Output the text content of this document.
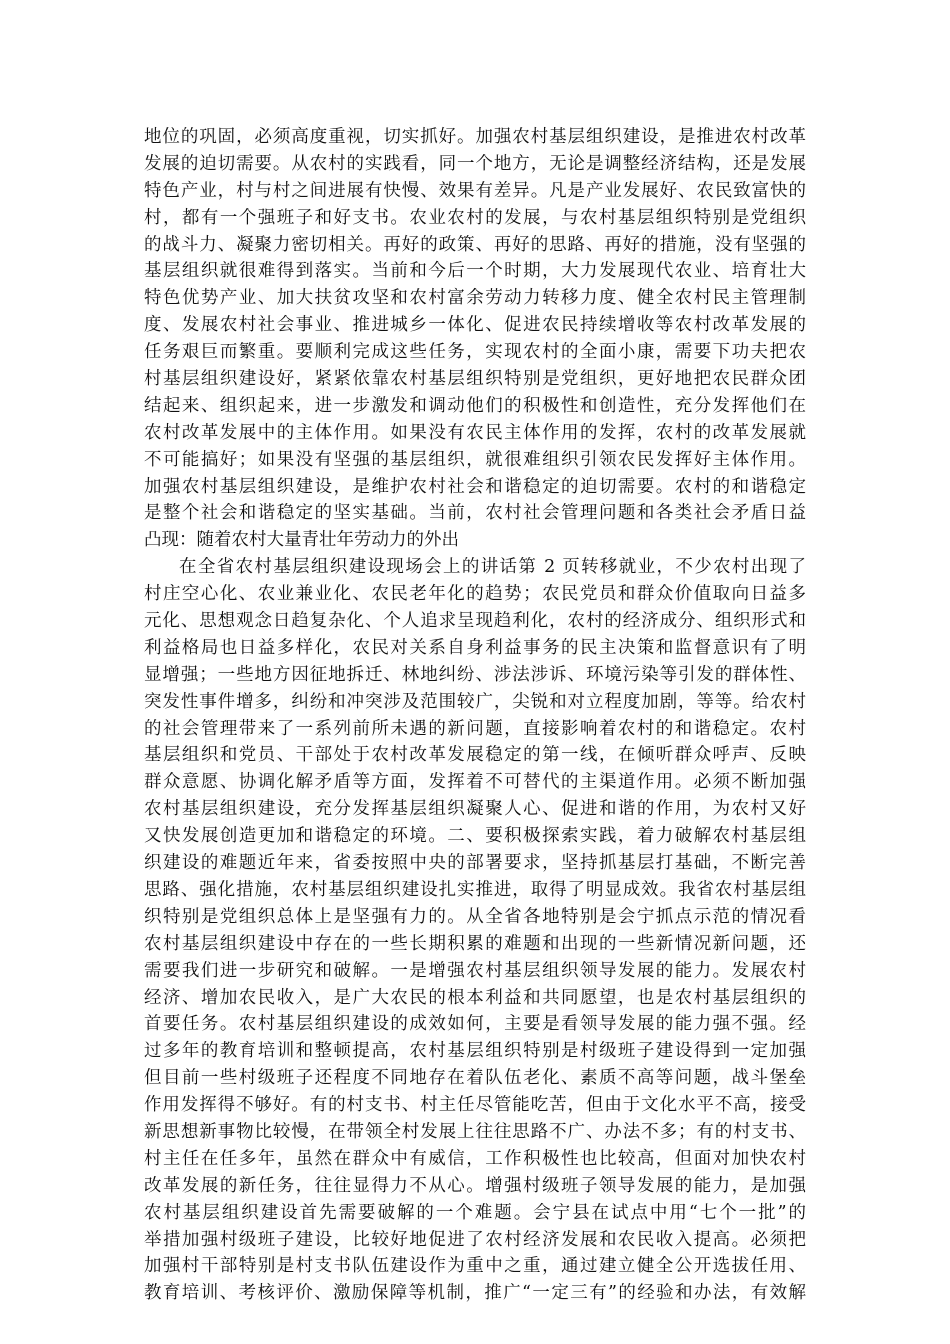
地位的巩固，必须高度重视，切实抓好。加强农村基层组织建设，是推进农村改革
发展的迫切需要。从农村的实践看，同一个地方，无论是调整经济结构，还是发展
特色产业，村与村之间进展有快慢、效果有差异。凡是产业发展好、农民致富快的
村，都有一个强班子和好支书。农业农村的发展，与农村基层组织特别是党组织
的战斗力、凝聚力密切相关。再好的政策、再好的思路、再好的措施，没有坚强的
基层组织就很难得到落实。当前和今后一个时期，大力发展现代农业、培育壮大
特色优势产业、加大扶贫攻坚和农村富余劳动力转移力度、健全农村民主管理制
度、发展农村社会事业、推进城乡一体化、促进农民持续增收等农村改革发展的
任务艰巨而繁重。要顺利完成这些任务，实现农村的全面小康，需要下功夫把农
村基层组织建设好，紧紧依靠农村基层组织特别是党组织，更好地把农民群众团
结起来、组织起来，进一步激发和调动他们的积极性和创造性，充分发挥他们在
农村改革发展中的主体作用。如果没有农民主体作用的发挥，农村的改革发展就
不可能搞好；如果没有坚强的基层组织，就很难组织引领农民发挥好主体作用。
加强农村基层组织建设，是维护农村社会和谐稳定的迫切需要。农村的和谐稳定
是整个社会和谐稳定的坚实基础。当前，农村社会管理问题和各类社会矛盾日益
凸现：随着农村大量青壮年劳动力的外出
在全省农村基层组织建设现场会上的讲话第 2 页转移就业，不少农村出现了
村庄空心化、农业兼业化、农民老年化的趋势；农民党员和群众价值取向日益多
元化、思想观念日趋复杂化、个人追求呈现趋利化，农村的经济成分、组织形式和
利益格局也日益多样化，农民对关系自身利益事务的民主决策和监督意识有了明
显增强；一些地方因征地拆迁、林地纠纷、涉法涉诉、环境污染等引发的群体性、
突发性事件增多，纠纷和冲突涉及范围较广，尖锐和对立程度加剧，等等。给农村
的社会管理带来了一系列前所未遇的新问题，直接影响着农村的和谐稳定。农村
基层组织和党员、干部处于农村改革发展稳定的第一线，在倾听群众呼声、反映
群众意愿、协调化解矛盾等方面，发挥着不可替代的主渠道作用。必须不断加强
农村基层组织建设，充分发挥基层组织凝聚人心、促进和谐的作用，为农村又好
又快发展创造更加和谐稳定的环境。二、要积极探索实践，着力破解农村基层组
织建设的难题近年来，省委按照中央的部署要求，坚持抓基层打基础，不断完善
思路、强化措施，农村基层组织建设扎实推进，取得了明显成效。我省农村基层组
织特别是党组织总体上是坚强有力的。从全省各地特别是会宁抓点示范的情况看
农村基层组织建设中存在的一些长期积累的难题和出现的一些新情况新问题，还
需要我们进一步研究和破解。一是增强农村基层组织领导发展的能力。发展农村
经济、增加农民收入，是广大农民的根本利益和共同愿望，也是农村基层组织的
首要任务。农村基层组织建设的成效如何，主要是看领导发展的能力强不强。经
过多年的教育培训和整顿提高，农村基层组织特别是村级班子建设得到一定加强
但目前一些村级班子还程度不同地存在着队伍老化、素质不高等问题，战斗堡垒
作用发挥得不够好。有的村支书、村主任尽管能吃苦，但由于文化水平不高，接受
新思想新事物比较慢，在带领全村发展上往往思路不广、办法不多；有的村支书、
村主任在任多年，虽然在群众中有威信，工作积极性也比较高，但面对加快农村
改革发展的新任务，往往显得力不从心。增强村级班子领导发展的能力，是加强
农村基层组织建设首先需要破解的一个难题。会宁县在试点中用“七个一批”的
举措加强村级班子建设，比较好地促进了农村经济发展和农民收入提高。必须把
加强村干部特别是村支书队伍建设作为重中之重，通过建立健全公开选拔任用、
教育培训、考核评价、激励保障等机制，推广“一定三有”的经验和办法，有效解
